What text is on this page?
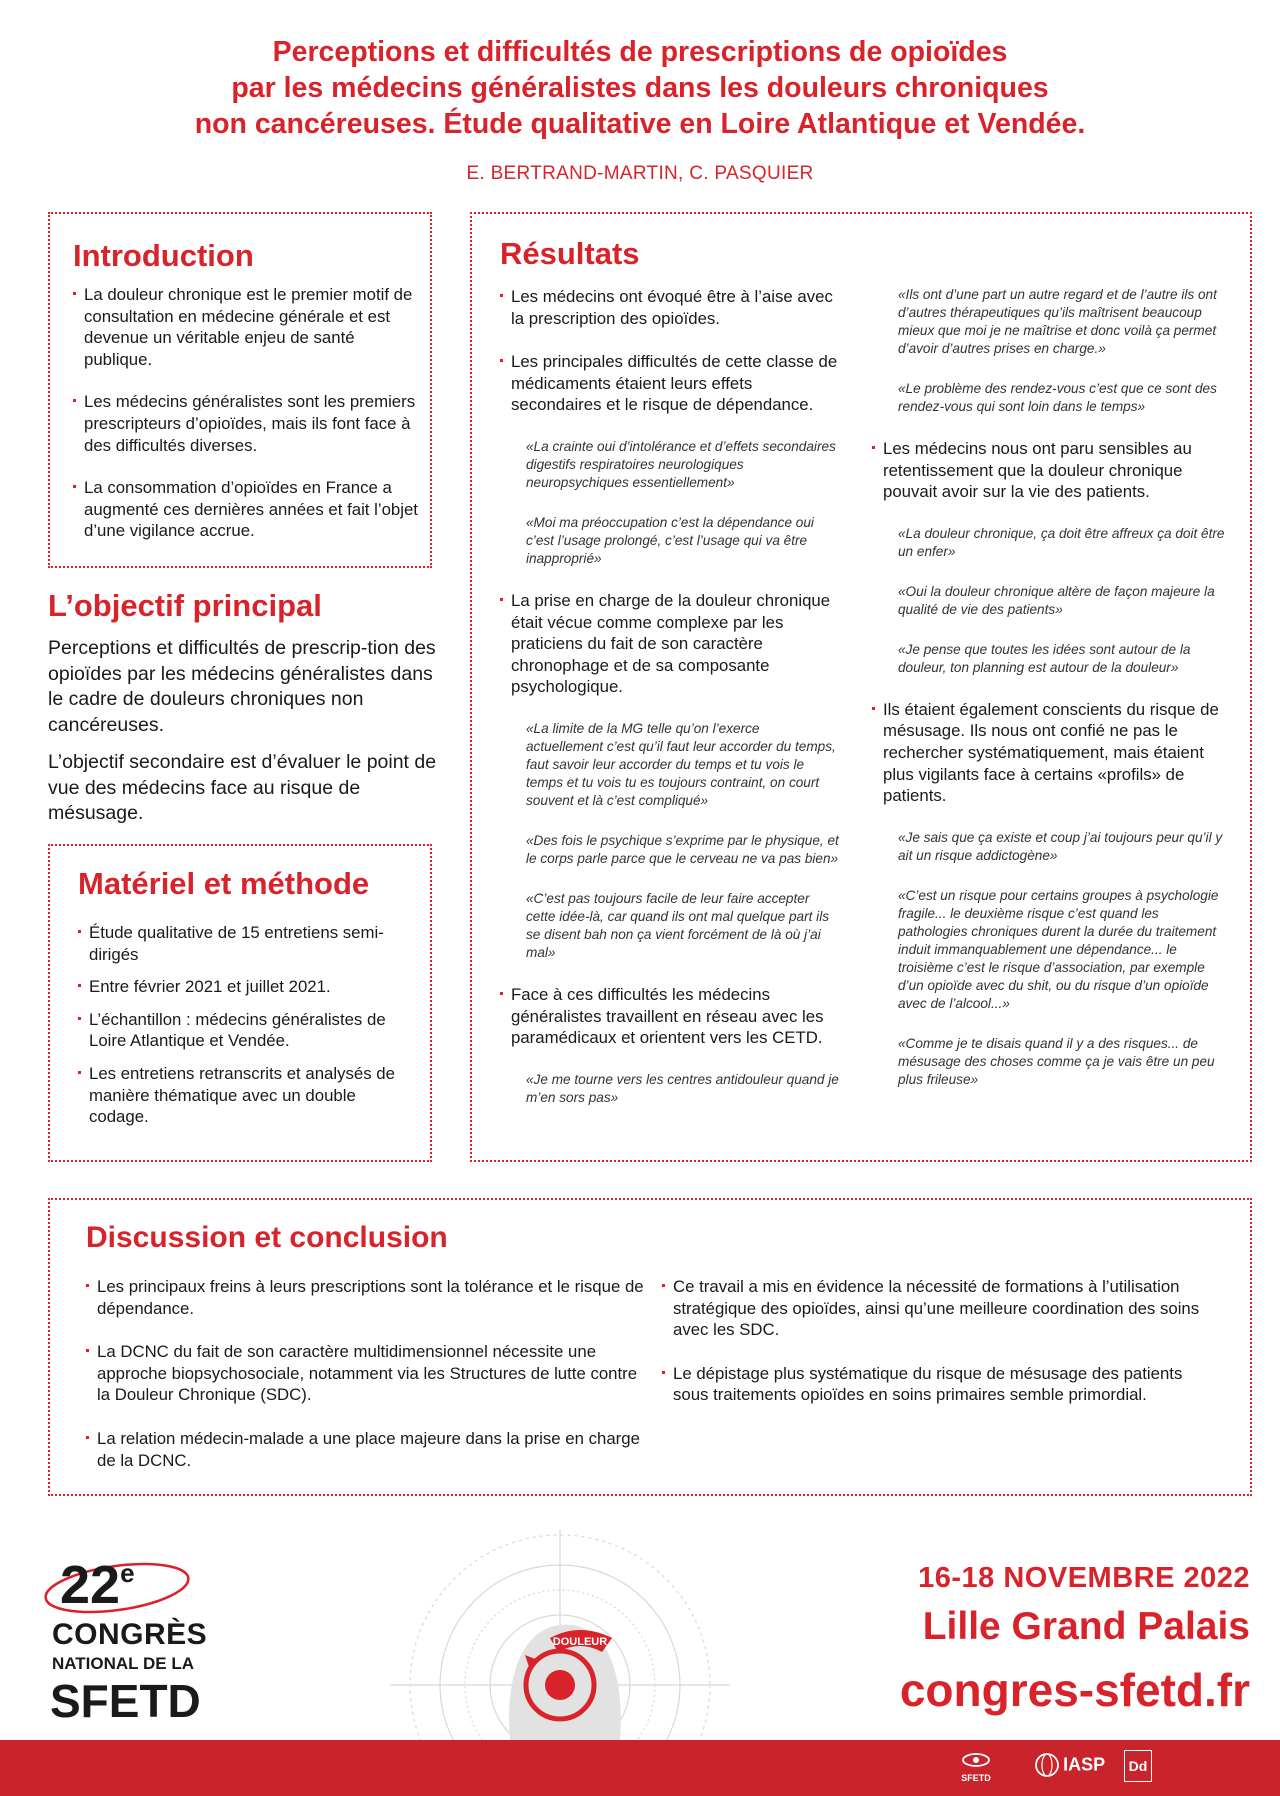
Perceptions et difficultés de prescriptions de opioïdes
par les médecins généralistes dans les douleurs chroniques
non cancéreuses. Étude qualitative en Loire Atlantique et Vendée.
E. BERTRAND-MARTIN, C. PASQUIER
Introduction
La douleur chronique est le premier motif de consultation en médecine générale et est devenue un véritable enjeu de santé publique.
Les médecins généralistes sont les premiers prescripteurs d’opioïdes, mais ils font face à des difficultés diverses.
La consommation d’opioïdes en France a augmenté ces dernières années et fait l’objet d’une vigilance accrue.
L’objectif principal

Perceptions et difficultés de prescrip-tion des opioïdes par les médecins généralistes dans le cadre de douleurs chroniques non cancéreuses.

L’objectif secondaire est d’évaluer le point de vue des médecins face au risque de mésusage.

Matériel et méthode
Étude qualitative de 15 entretiens semi-dirigés
Entre février 2021 et juillet 2021.
L’échantillon : médecins généralistes de Loire Atlantique et Vendée.
Les entretiens retranscrits et analysés de manière thématique avec un double codage.
Résultats
Les médecins ont évoqué être à l’aise avec la prescription des opioïdes.
Les principales difficultés de cette classe de médicaments étaient leurs effets secondaires et le risque de dépendance.

«La crainte oui d’intolérance et d’effets secondaires digestifs respiratoires neurologiques neuropsychiques essentiellement»

«Moi ma préoccupation c’est la dépendance oui c’est l’usage prolongé, c’est l’usage qui va être inapproprié»

La prise en charge de la douleur chronique était vécue comme complexe par les praticiens du fait de son caractère chronophage et de sa composante psychologique.

«La limite de la MG telle qu’on l’exerce actuellement c’est qu’il faut leur accorder du temps, faut savoir leur accorder du temps et tu vois le temps et tu vois tu es toujours contraint, on court souvent et là c’est compliqué»

«Des fois le psychique s’exprime par le physique, et le corps parle parce que le cerveau ne va pas bien»

«C’est pas toujours facile de leur faire accepter cette idée-là, car quand ils ont mal quelque part ils se disent bah non ça vient forcément de là où j’ai mal»

Face à ces difficultés les médecins généralistes travaillent en réseau avec les paramédicaux et orientent vers les CETD.

«Je me tourne vers les centres antidouleur quand je m’en sors pas»

«Ils ont d’une part un autre regard et de l’autre ils ont d’autres thérapeutiques qu’ils maîtrisent beaucoup mieux que moi je ne maîtrise et donc voilà ça permet d’avoir d’autres prises en charge.»

«Le problème des rendez-vous c’est que ce sont des rendez-vous qui sont loin dans le temps»

Les médecins nous ont paru sensibles au retentissement que la douleur chronique pouvait avoir sur la vie des patients.

«La douleur chronique, ça doit être affreux ça doit être un enfer»

«Oui la douleur chronique altère de façon majeure la qualité de vie des patients»

«Je pense que toutes les idées sont autour de la douleur, ton planning est autour de la douleur»

Ils étaient également conscients du risque de mésusage. Ils nous ont confié ne pas le rechercher systématiquement, mais étaient plus vigilants face à certains «profils» de patients.

«Je sais que ça existe et coup j’ai toujours peur qu’il y ait un risque addictogène»

«C’est un risque pour certains groupes à psychologie fragile... le deuxième risque c’est quand les pathologies chroniques durent la durée du traitement induit immanquablement une dépendance... le troisième c’est le risque d’association, par exemple d’un opioïde avec du shit, ou du risque d’un opioïde avec de l’alcool...»

«Comme je te disais quand il y a des risques... de mésusage des choses comme ça je vais être un peu plus frileuse»

Discussion et conclusion
Les principaux freins à leurs prescriptions sont la tolérance et le risque de dépendance.
La DCNC du fait de son caractère multidimensionnel nécessite une approche biopsychosociale, notamment via les Structures de lutte contre la Douleur Chronique (SDC).
La relation médecin-malade a une place majeure dans la prise en charge de la DCNC.
Ce travail a mis en évidence la nécessité de formations à l’utilisation stratégique des opioïdes, ainsi qu’une meilleure coordination des soins avec les SDC.
Le dépistage plus systématique du risque de mésusage des patients sous traitements opioïdes en soins primaires semble primordial.
22e
CONGRÈS
NATIONAL DE LA
SFETD
DOULEUR
16-18 NOVEMBRE 2022
Lille Grand Palais
congres-sfetd.fr
SFETD
IASP	Dd
